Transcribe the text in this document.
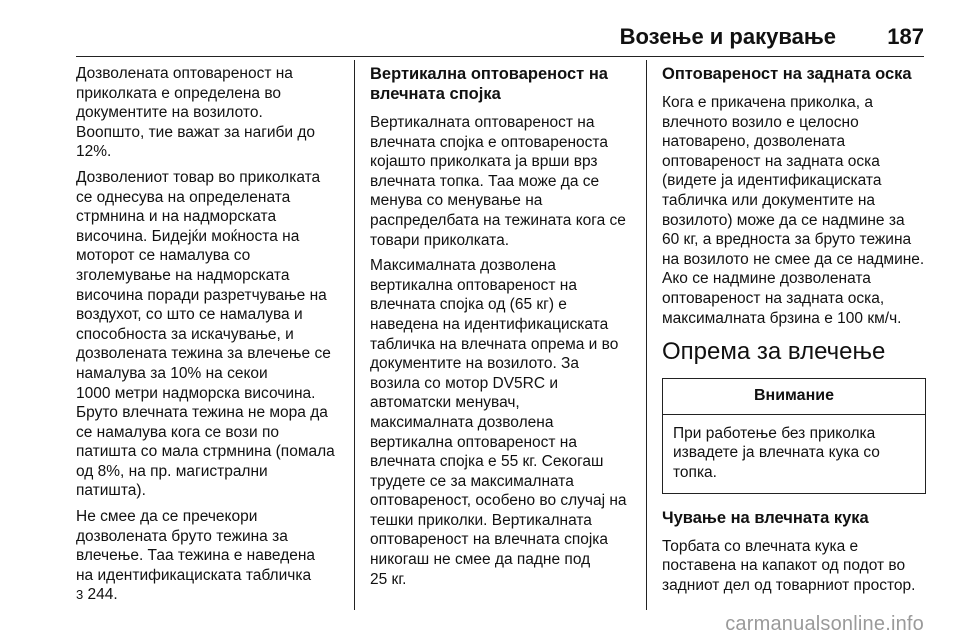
Возење и ракување 187

Дозволената оптовареност на
приколката е определена во
документите на возилото.
Воопшто, тие важат за нагиби до
12%.

Дозволениот товар во приколката
се однесува на определената
стрмнина и на надморската
височина. Бидејќи моќноста на
моторот се намалува со
зголемување на надморската
височина поради разретчување на
воздухот, со што се намалува и
способноста за искачување, и
дозволената тежина за влечење се
намалува за 10% на секои
1000 метри надморска височина.
Бруто влечната тежина не мора да
се намалува кога се вози по
патишта со мала стрмнина (помала
од 8%, на пр. магистрални
патишта).

Не смее да се пречекори
дозволената бруто тежина за
влечење. Таа тежина е наведена
на идентификациската табличка
3 244.

Вертикална оптовареност на
влечната спојка

Вертикалната оптовареност на
влечната спојка е оптовареноста
којашто приколката ја врши врз
влечната топка. Таа може да се
менува со менување на
распределбата на тежината кога се
товари приколката.

Максималната дозволена
вертикална оптовареност на
влечната спојка од (65 кг) е
наведена на идентификациската
табличка на влечната опрема и во
документите на возилото. За
возила со мотор DV5RC и
автоматски менувач,
максималната дозволена
вертикална оптовареност на
влечната спојка е 55 кг. Секогаш
трудете се за максималната
оптовареност, особено во случај на
тешки приколки. Вертикалната
оптовареност на влечната спојка
никогаш не смее да падне под
25 кг.

Оптовареност на задната оска

Кога е прикачена приколка, а
влечното возило е целосно
натоварено, дозволената
оптовареност на задната оска
(видете ја идентификациската
табличка или документите на
возилото) може да се надмине за
60 кг, а вредноста за бруто тежина
на возилото не смее да се надмине.
Ако се надмине дозволената
оптовареност на задната оска,
максималната брзина е 100 км/ч.

Опрема за влечење
Внимание
При работење без приколка
извадете ја влечната кука со
топка.
Чување на влечната кука

Торбата со влечната кука е
поставена на капакот од подот во
задниот дел од товарниот простор.

carmanualsonline.info
